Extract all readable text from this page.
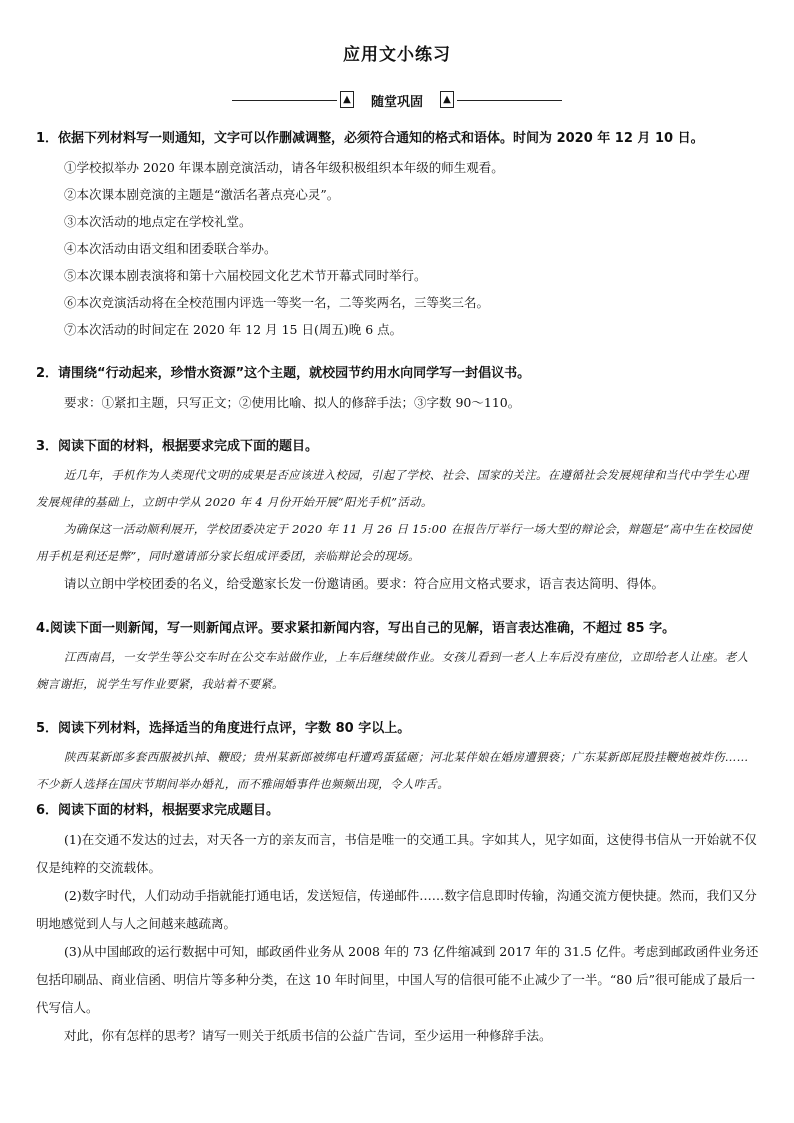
应用文小练习
▲	随堂巩固	▲
1．依据下列材料写一则通知，文字可以作删减调整，必须符合通知的格式和语体。时间为 2020 年 12 月 10 日。
①学校拟举办 2020 年课本剧竞演活动，请各年级积极组织本年级的师生观看。
②本次课本剧竞演的主题是“激活名著点亮心灵”。
③本次活动的地点定在学校礼堂。
④本次活动由语文组和团委联合举办。
⑤本次课本剧表演将和第十六届校园文化艺术节开幕式同时举行。
⑥本次竞演活动将在全校范围内评选一等奖一名，二等奖两名，三等奖三名。
⑦本次活动的时间定在 2020 年 12 月 15 日(周五)晚 6 点。
2．请围绕“行动起来，珍惜水资源”这个主题，就校园节约用水向同学写一封倡议书。
要求：①紧扣主题，只写正文；②使用比喻、拟人的修辞手法；③字数 90～110。
3．阅读下面的材料，根据要求完成下面的题目。
近几年，手机作为人类现代文明的成果是否应该进入校园，引起了学校、社会、国家的关注。在遵循社会发展规律和当代中学生心理发展规律的基础上，立朗中学从 2020 年 4 月份开始开展“阳光手机”活动。
为确保这一活动顺利展开，学校团委决定于 2020 年 11 月 26 日 15:00 在报告厅举行一场大型的辩论会，辩题是“高中生在校园使用手机是利还是弊”，同时邀请部分家长组成评委团，亲临辩论会的现场。
请以立朗中学校团委的名义，给受邀家长发一份邀请函。要求：符合应用文格式要求，语言表达简明、得体。
4.阅读下面一则新闻，写一则新闻点评。要求紧扣新闻内容，写出自己的见解，语言表达准确，不超过 85 字。
江西南昌，一女学生等公交车时在公交车站做作业，上车后继续做作业。女孩儿看到一老人上车后没有座位，立即给老人让座。老人婉言谢拒，说学生写作业要紧，我站着不要紧。
5．阅读下列材料，选择适当的角度进行点评，字数 80 字以上。
陕西某新郎多套西服被扒掉、鞭殴；贵州某新郎被绑电杆遭鸡蛋猛砸；河北某伴娘在婚房遭猥亵；广东某新郎屁股挂鞭炮被炸伤……不少新人选择在国庆节期间举办婚礼，而不雅闹婚事件也频频出现，令人咋舌。
6．阅读下面的材料，根据要求完成题目。
(1)在交通不发达的过去，对天各一方的亲友而言，书信是唯一的交通工具。字如其人，见字如面，这使得书信从一开始就不仅仅是纯粹的交流载体。
(2)数字时代，人们动动手指就能打通电话，发送短信，传递邮件……数字信息即时传输，沟通交流方便快捷。然而，我们又分明地感觉到人与人之间越来越疏离。
(3)从中国邮政的运行数据中可知，邮政函件业务从 2008 年的 73 亿件缩减到 2017 年的 31.5 亿件。考虑到邮政函件业务还包括印刷品、商业信函、明信片等多种分类，在这 10 年时间里，中国人写的信很可能不止减少了一半。“80 后”很可能成了最后一代写信人。
对此，你有怎样的思考？请写一则关于纸质书信的公益广告词，至少运用一种修辞手法。
